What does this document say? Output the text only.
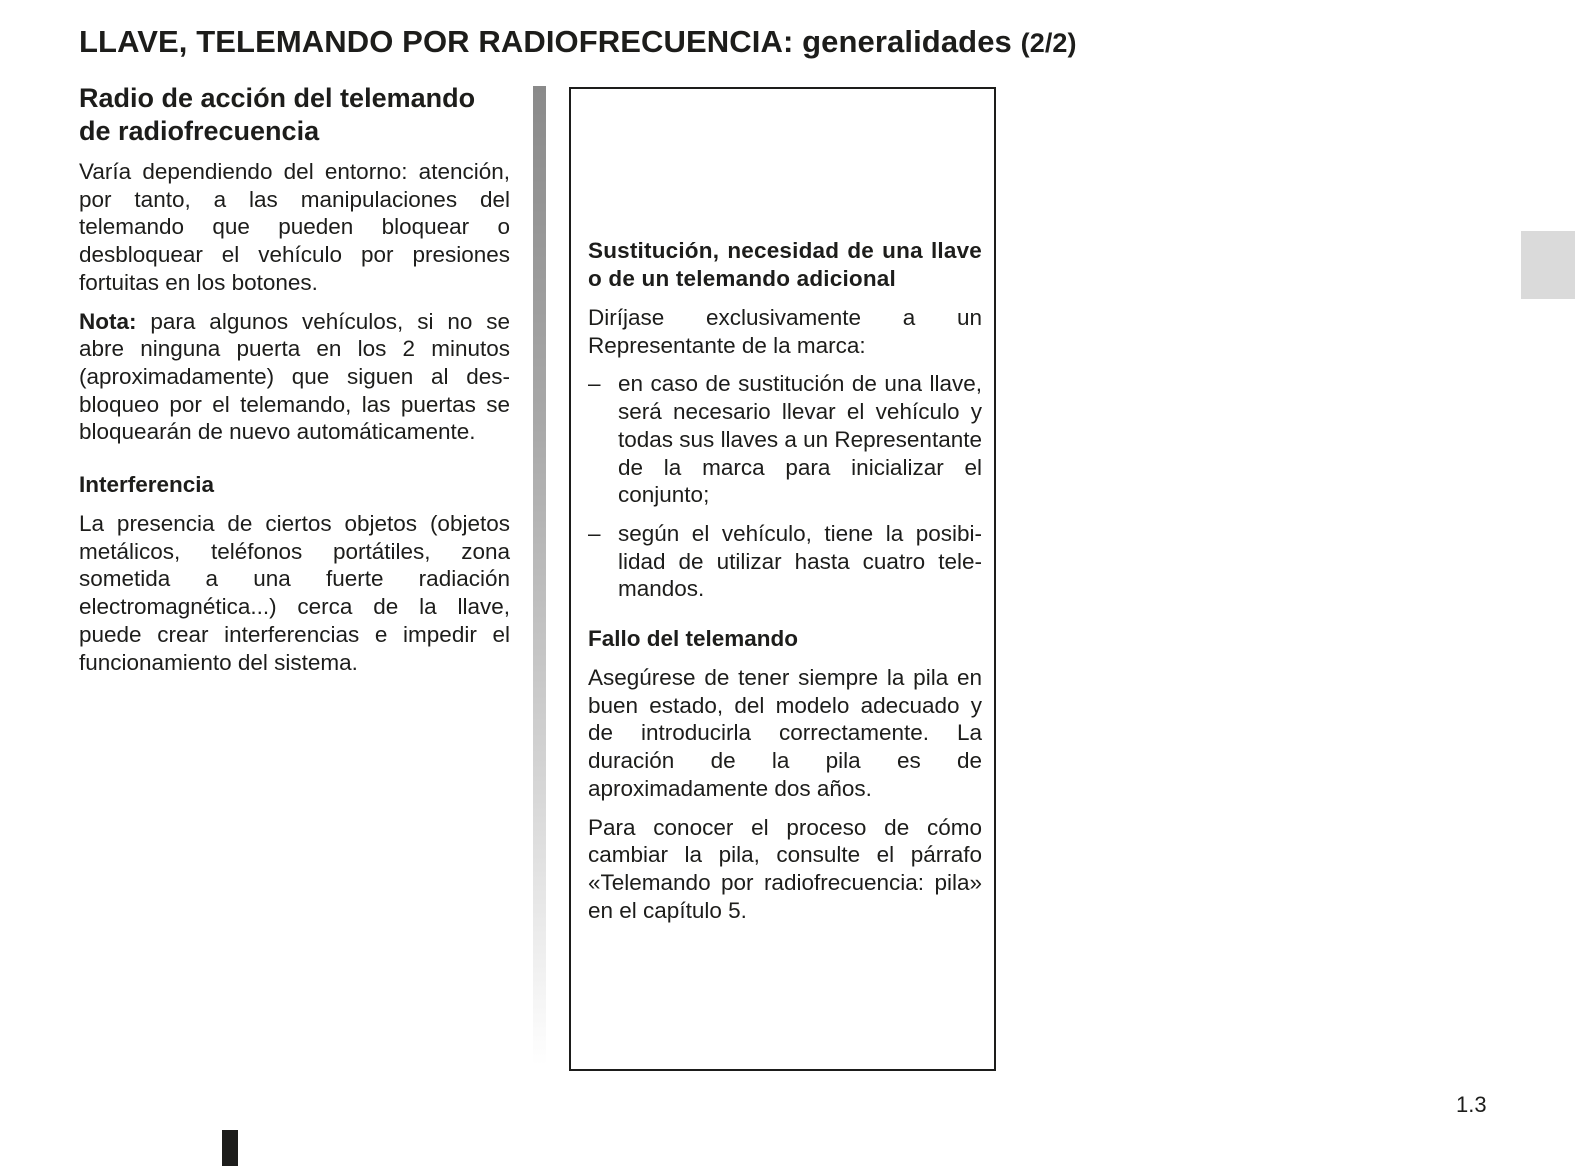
LLAVE, TELEMANDO POR RADIOFRECUENCIA: generalidades (2/2)
Radio de acción del telemando de radiofrecuencia

Varía dependiendo del entorno: atención, por tanto, a las manipulaciones del telemando que pueden bloquear o desbloquear el vehículo por presiones fortuitas en los botones.

Nota: para algunos vehículos, si no se abre ninguna puerta en los 2 minutos (aproximadamente) que siguen al desbloqueo por el telemando, las puertas se bloquearán de nuevo automáticamente.

Interferencia

La presencia de ciertos objetos (objetos metálicos, teléfonos portátiles, zona sometida a una fuerte radiación electromagnética...) cerca de la llave, puede crear interferencias e impedir el funcionamiento del sistema.

Sustitución, necesidad de una llave o de un telemando adicional

Diríjase exclusivamente a un Representante de la marca:

– en caso de sustitución de una llave, será necesario llevar el vehículo y todas sus llaves a un Representante de la marca para inicializar el conjunto;
– según el vehículo, tiene la posibilidad de utilizar hasta cuatro telemandos.
Fallo del telemando

Asegúrese de tener siempre la pila en buen estado, del modelo adecuado y de introducirla correctamente. La duración de la pila es de aproximadamente dos años.

Para conocer el proceso de cómo cambiar la pila, consulte el párrafo «Telemando por radiofrecuencia: pila» en el capítulo 5.

1.3
